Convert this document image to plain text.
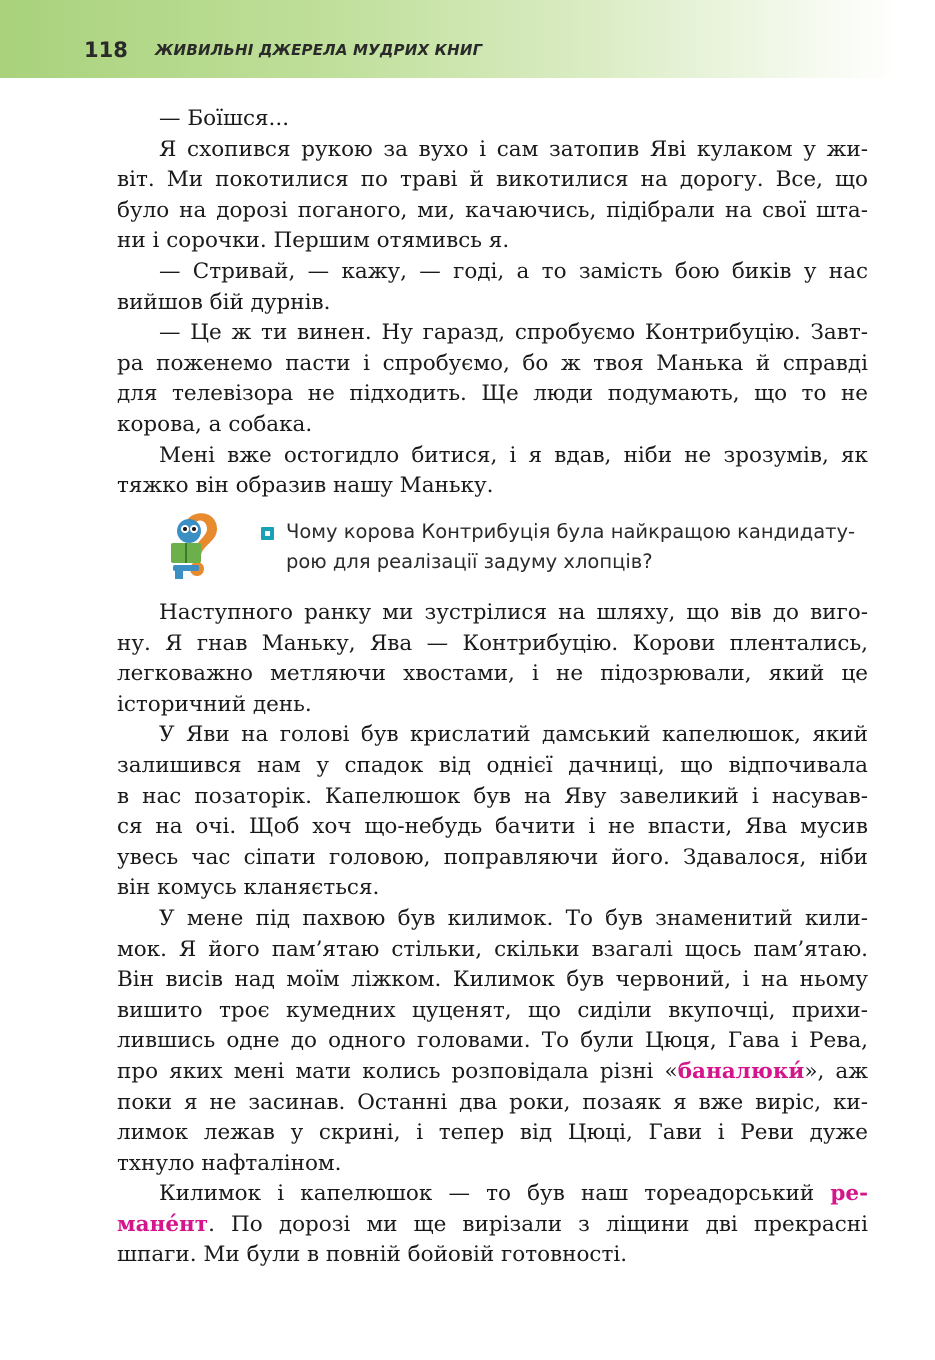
118 ЖИВИЛЬНІ ДЖЕРЕЛА МУДРИХ КНИГ
— Боїшся...
Я схопився рукою за вухо і сам затопив Яві кулаком у жи-
віт. Ми покотилися по траві й викотилися на дорогу. Все, що
було на дорозі поганого, ми, качаючись, підібрали на свої шта-
ни і сорочки. Першим отямивсь я.
— Стривай, — кажу, — годі, а то замість бою биків у нас
вийшов бій дурнів.
— Це ж ти винен. Ну гаразд, спробуємо Контрибуцію. Завт-
ра поженемо пасти і спробуємо, бо ж твоя Манька й справді
для телевізора не підходить. Ще люди подумають, що то не
корова, а собака.
Мені вже остогидло битися, і я вдав, ніби не зрозумів, як
тяжко він образив нашу Маньку.
Чому корова Контрибуція була найкращою кандидату-
рою для реалізації задуму хлопців?
Наступного ранку ми зустрілися на шляху, що вів до виго-
ну. Я гнав Маньку, Ява — Контрибуцію. Корови плентались,
легковажно метляючи хвостами, і не підозрювали, який це
історичний день.
У Яви на голові був крислатий дамський капелюшок, який
залишився нам у спадок від однієї дачниці, що відпочивала
в нас позаторік. Капелюшок був на Яву завеликий і насував-
ся на очі. Щоб хоч що-небудь бачити і не впасти, Ява мусив
увесь час сіпати головою, поправляючи його. Здавалося, ніби
він комусь кланяється.
У мене під пахвою був килимок. То був знаменитий кили-
мок. Я його пам’ятаю стільки, скільки взагалі щось пам’ятаю.
Він висів над моїм ліжком. Килимок був червоний, і на ньому
вишито троє кумедних цуценят, що сиділи вкупочці, прихи-
лившись одне до одного головами. То були Цюця, Гава і Рева,
про яких мені мати колись розповідала різні «баналюки́», аж
поки я не засинав. Останні два роки, позаяк я вже виріс, ки-
лимок лежав у скрині, і тепер від Цюці, Гави і Реви дуже
тхнуло нафталіном.
Килимок і капелюшок — то був наш тореадорський ре-
мане́нт. По дорозі ми ще вирізали з ліщини дві прекрасні
шпаги. Ми були в повній бойовій готовності.
